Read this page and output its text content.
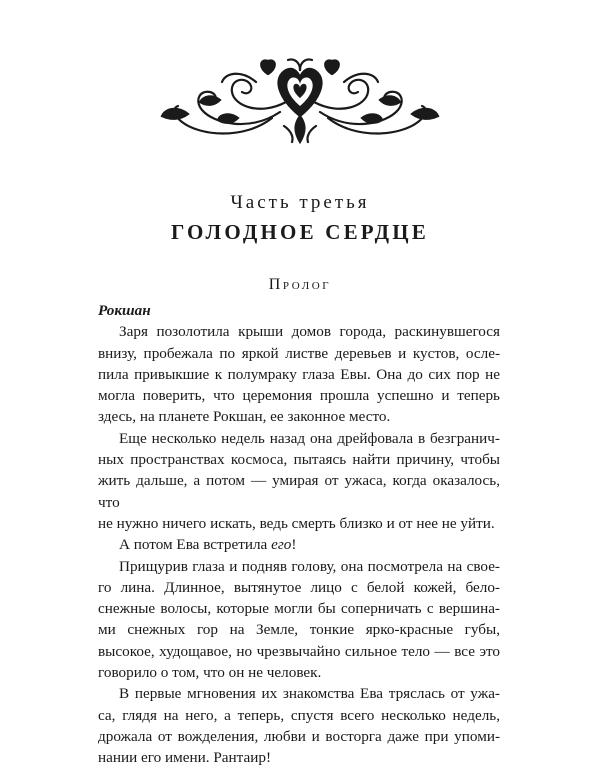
Часть третья
ГОЛОДНОЕ СЕРДЦЕ
Пролог
Рокшан

Заря позолотила крыши домов города, раскинувшегося
внизу, пробежала по яркой листве деревьев и кустов, осле-
пила привыкшие к полумраку глаза Евы. Она до сих пор не
могла поверить, что церемония прошла успешно и теперь
здесь, на планете Рокшан, ее законное место.

Еще несколько недель назад она дрейфовала в безгранич-
ных пространствах космоса, пытаясь найти причину, чтобы
жить дальше, а потом — умирая от ужаса, когда оказалось, что
не нужно ничего искать, ведь смерть близко и от нее не уйти.

А потом Ева встретила его!

Прищурив глаза и подняв голову, она посмотрела на свое-
го лина. Длинное, вытянутое лицо с белой кожей, бело-
снежные волосы, которые могли бы соперничать с вершина-
ми снежных гор на Земле, тонкие ярко-красные губы,
высокое, худощавое, но чрезвычайно сильное тело — все это
говорило о том, что он не человек.

В первые мгновения их знакомства Ева тряслась от ужа-
са, глядя на него, а теперь, спустя всего несколько недель,
дрожала от вожделения, любви и восторга даже при упоми-
нании его имени. Рантаир!
